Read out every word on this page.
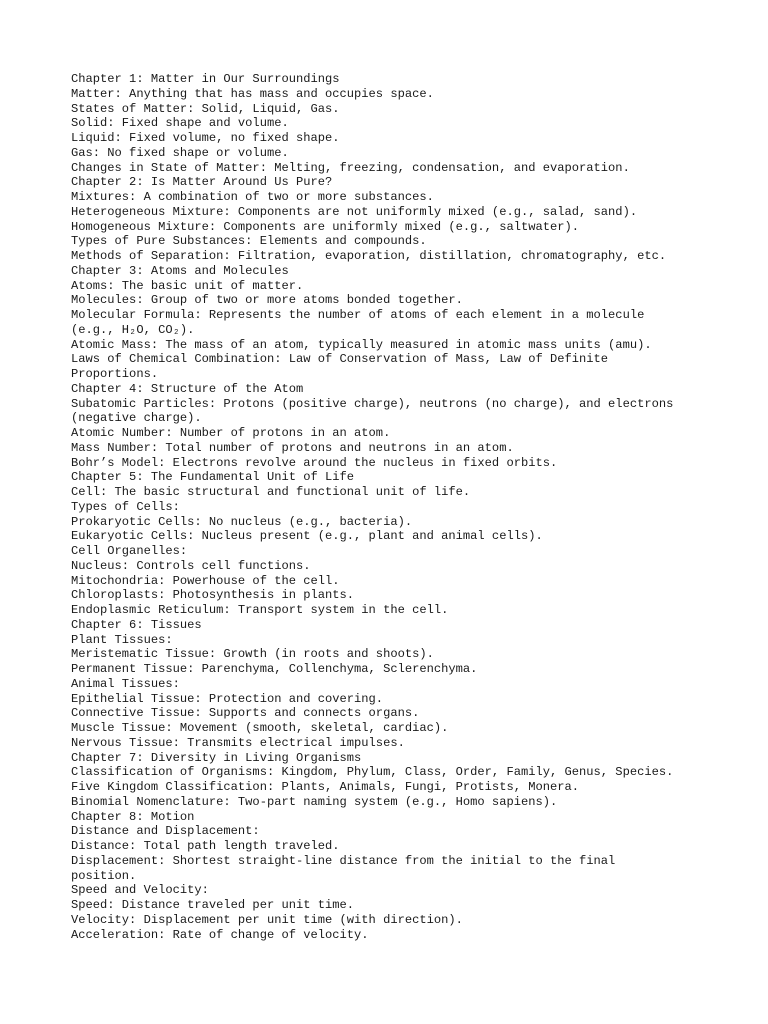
Chapter 1: Matter in Our Surroundings
Matter: Anything that has mass and occupies space.
States of Matter: Solid, Liquid, Gas.
Solid: Fixed shape and volume.
Liquid: Fixed volume, no fixed shape.
Gas: No fixed shape or volume.
Changes in State of Matter: Melting, freezing, condensation, and evaporation.
Chapter 2: Is Matter Around Us Pure?
Mixtures: A combination of two or more substances.
Heterogeneous Mixture: Components are not uniformly mixed (e.g., salad, sand).
Homogeneous Mixture: Components are uniformly mixed (e.g., saltwater).
Types of Pure Substances: Elements and compounds.
Methods of Separation: Filtration, evaporation, distillation, chromatography, etc.
Chapter 3: Atoms and Molecules
Atoms: The basic unit of matter.
Molecules: Group of two or more atoms bonded together.
Molecular Formula: Represents the number of atoms of each element in a molecule
(e.g., H₂O, CO₂).
Atomic Mass: The mass of an atom, typically measured in atomic mass units (amu).
Laws of Chemical Combination: Law of Conservation of Mass, Law of Definite
Proportions.
Chapter 4: Structure of the Atom
Subatomic Particles: Protons (positive charge), neutrons (no charge), and electrons
(negative charge).
Atomic Number: Number of protons in an atom.
Mass Number: Total number of protons and neutrons in an atom.
Bohr’s Model: Electrons revolve around the nucleus in fixed orbits.
Chapter 5: The Fundamental Unit of Life
Cell: The basic structural and functional unit of life.
Types of Cells:
Prokaryotic Cells: No nucleus (e.g., bacteria).
Eukaryotic Cells: Nucleus present (e.g., plant and animal cells).
Cell Organelles:
Nucleus: Controls cell functions.
Mitochondria: Powerhouse of the cell.
Chloroplasts: Photosynthesis in plants.
Endoplasmic Reticulum: Transport system in the cell.
Chapter 6: Tissues
Plant Tissues:
Meristematic Tissue: Growth (in roots and shoots).
Permanent Tissue: Parenchyma, Collenchyma, Sclerenchyma.
Animal Tissues:
Epithelial Tissue: Protection and covering.
Connective Tissue: Supports and connects organs.
Muscle Tissue: Movement (smooth, skeletal, cardiac).
Nervous Tissue: Transmits electrical impulses.
Chapter 7: Diversity in Living Organisms
Classification of Organisms: Kingdom, Phylum, Class, Order, Family, Genus, Species.
Five Kingdom Classification: Plants, Animals, Fungi, Protists, Monera.
Binomial Nomenclature: Two-part naming system (e.g., Homo sapiens).
Chapter 8: Motion
Distance and Displacement:
Distance: Total path length traveled.
Displacement: Shortest straight-line distance from the initial to the final
position.
Speed and Velocity:
Speed: Distance traveled per unit time.
Velocity: Displacement per unit time (with direction).
Acceleration: Rate of change of velocity.
